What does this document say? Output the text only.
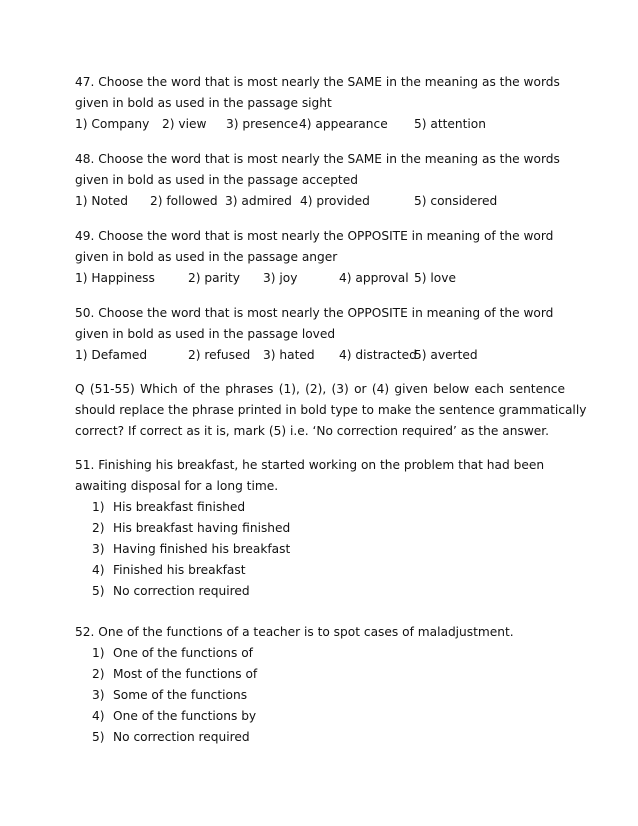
47. Choose the word that is most nearly the SAME in the meaning as the words
given in bold as used in the passage sight
1) Company 2) view 3) presence 4) appearance 5) attention
48. Choose the word that is most nearly the SAME in the meaning as the words
given in bold as used in the passage accepted
1) Noted 2) followed 3) admired 4) provided	5) considered
49. Choose the word that is most nearly the OPPOSITE in meaning of the word
given in bold as used in the passage anger
1) Happiness	2) parity 3) joy	4) approval 5) love
50. Choose the word that is most nearly the OPPOSITE in meaning of the word
given in bold as used in the passage loved
1) Defamed	2) refused 3) hated 4) distracted
5) averted
Q (51-55) Which of the phrases (1), (2), (3) or (4) given below each sentence
should replace the phrase printed in bold type to make the sentence grammatically
correct? If correct as it is, mark (5) i.e. ‘No correction required’ as the answer.
51. Finishing his breakfast, he started working on the problem that had been
awaiting disposal for a long time.
1) His breakfast finished
2) His breakfast having finished
3) Having finished his breakfast
4) Finished his breakfast
5) No correction required
52. One of the functions of a teacher is to spot cases of maladjustment.
1) One of the functions of
2) Most of the functions of
3) Some of the functions
4) One of the functions by
5) No correction required
